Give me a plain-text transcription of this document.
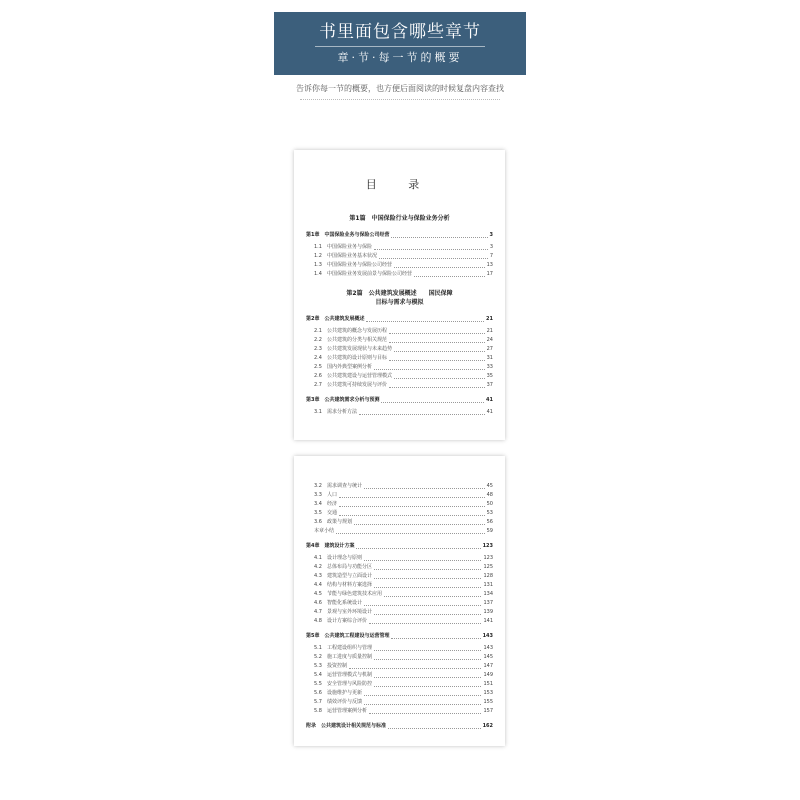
书里面包含哪些章节
章·节·每一节的概要
告诉你每一节的概要，也方便后面阅读的时候复盘内容查找
目 录
第1篇　中国保险行业与保险业务分析
第1章　中国保险业务与保险公司经营	3
1.1　中国保险业务与保险	3
1.2　中国保险业务基本状况	7
1.3　中国保险业务与保险公司经营	13
1.4　中国保险业务发展前景与保险公司经营	17
第2篇　公共建筑发展概述　　国民保障
目标与需求与模拟
第2章　公共建筑发展概述	21
2.1　公共建筑的概念与发展历程	21
2.2　公共建筑的分类与相关规范	24
2.3　公共建筑发展现状与未来趋势	27
2.4　公共建筑的设计原则与目标	31
2.5　国内外典型案例分析	33
2.6　公共建筑建设与运营管理模式	35
2.7　公共建筑可持续发展与评价	37
第3章　公共建筑需求分析与预测	41
3.1　需求分析方法	41
3.2　需求调查与统计	45
3.3　人口	48
3.4　经济	50
3.5　交通	53
3.6　政策与规划	56
本章小结	59
第4章　建筑设计方案	123
4.1　设计理念与原则	123
4.2　总体布局与功能分区	125
4.3　建筑造型与立面设计	128
4.4　结构与材料方案选择	131
4.5　节能与绿色建筑技术应用	134
4.6　智能化系统设计	137
4.7　景观与室外环境设计	139
4.8　设计方案综合评价	141
第5章　公共建筑工程建设与运营管理	143
5.1　工程建设组织与管理	143
5.2　施工进度与质量控制	145
5.3　投资控制	147
5.4　运营管理模式与机制	149
5.5　安全管理与风险防控	151
5.6　设施维护与更新	153
5.7　绩效评价与反馈	155
5.8　运营管理案例分析	157
附录　公共建筑设计相关规范与标准	162
